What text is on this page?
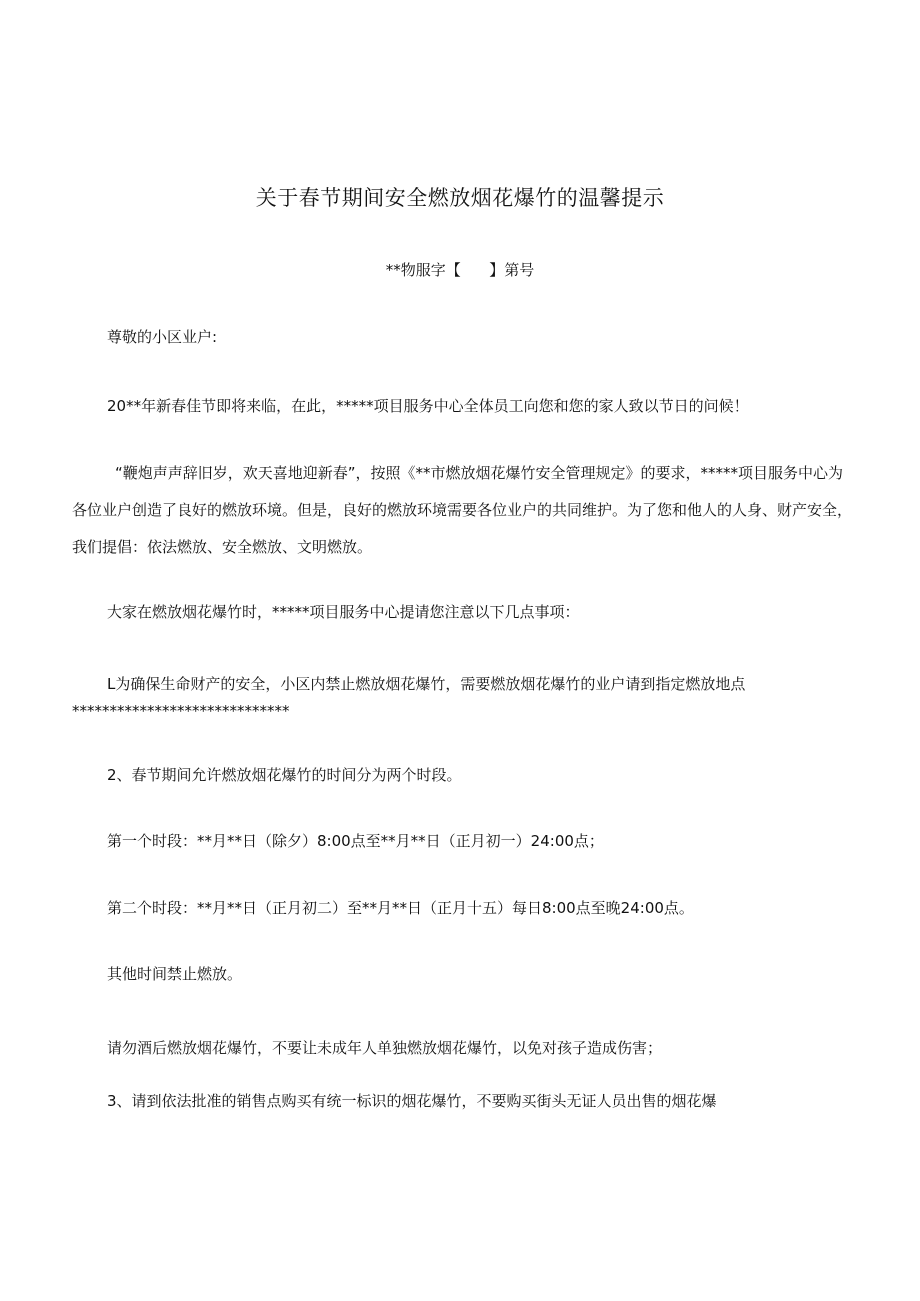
关于春节期间安全燃放烟花爆竹的温馨提示
**物服字【      】第号
尊敬的小区业户:
20**年新春佳节即将来临，在此，*****项目服务中心全体员工向您和您的家人致以节日的问候！
“鞭炮声声辞旧岁，欢天喜地迎新春”，按照《**市燃放烟花爆竹安全管理规定》的要求，*****项目服务中心为各位业户创造了良好的燃放环境。但是，良好的燃放环境需要各位业户的共同维护。为了您和他人的人身、财产安全，我们提倡：依法燃放、安全燃放、文明燃放。
大家在燃放烟花爆竹时，*****项目服务中心提请您注意以下几点事项：
L为确保生命财产的安全，小区内禁止燃放烟花爆竹，需要燃放烟花爆竹的业户请到指定燃放地点
*****************************
2、春节期间允许燃放烟花爆竹的时间分为两个时段。
第一个时段：**月**日（除夕）8:00点至**月**日（正月初一）24:00点；
第二个时段：**月**日（正月初二）至**月**日（正月十五）每日8:00点至晚24:00点。
其他时间禁止燃放。
请勿酒后燃放烟花爆竹，不要让未成年人单独燃放烟花爆竹，以免对孩子造成伤害；
3、请到依法批准的销售点购买有统一标识的烟花爆竹，不要购买街头无证人员出售的烟花爆
